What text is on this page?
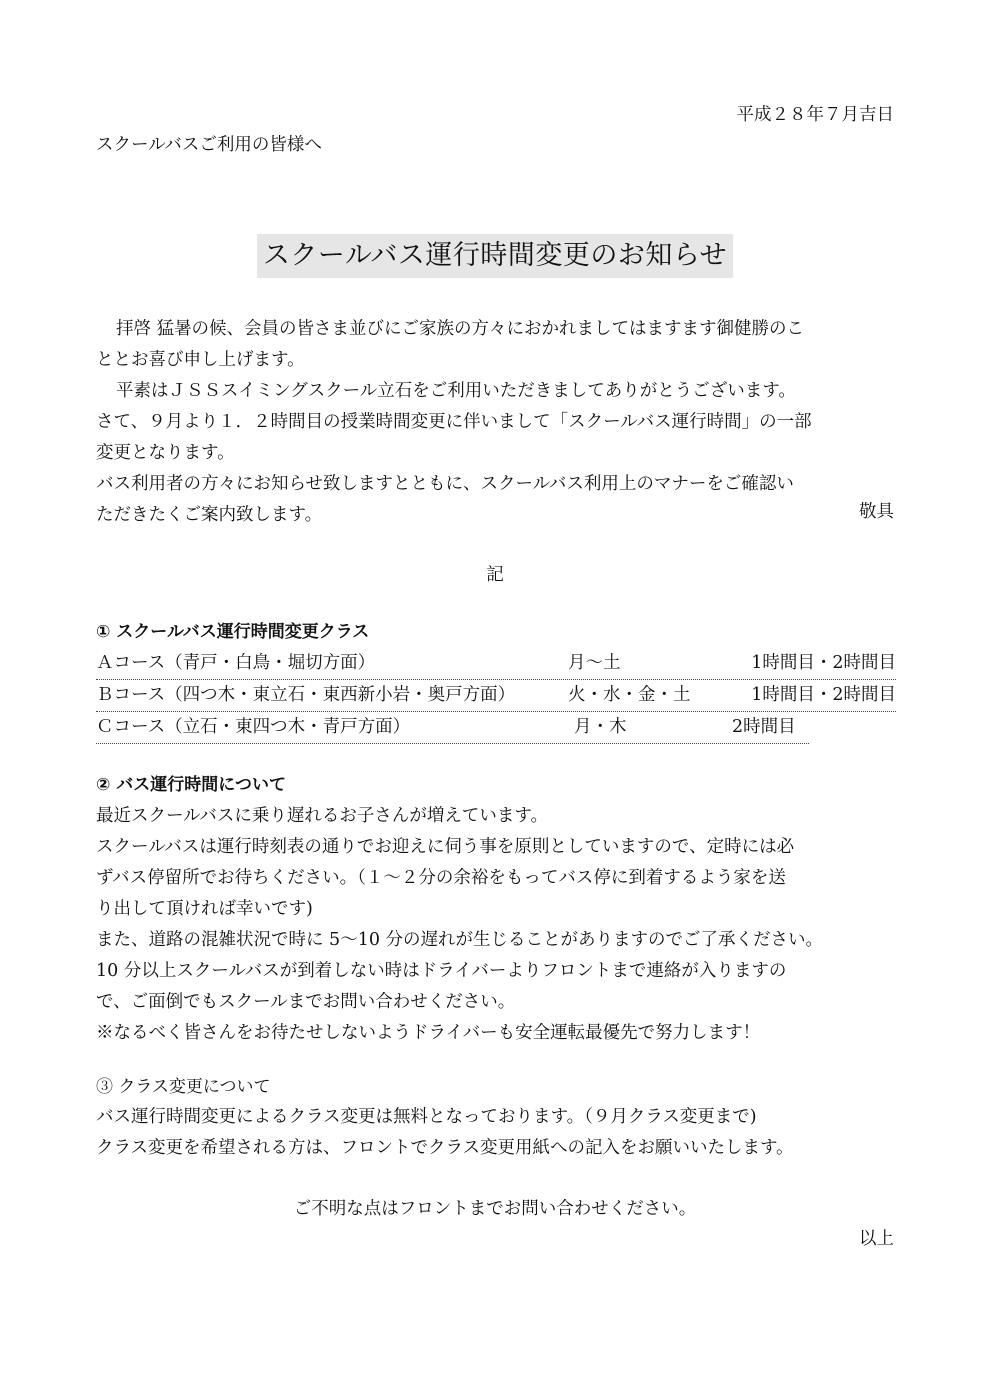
平成２８年７月吉日
スクールバスご利用の皆様へ
スクールバス運行時間変更のお知らせ
拝啓 猛暑の候、会員の皆さま並びにご家族の方々におかれましてはますます御健勝のこ
ととお喜び申し上げます。
平素はＪＳＳスイミングスクール立石をご利用いただきましてありがとうございます。
さて、９月より１．２時間目の授業時間変更に伴いまして「スクールバス運行時間」の一部
変更となります。
バス利用者の方々にお知らせ致しますとともに、スクールバス利用上のマナーをご確認い
ただきたくご案内致します。	敬具
記
① スクールバス運行時間変更クラス
Ａコース（青戸・白鳥・堀切方面）	月～土	1時間目・2時間目
Ｂコース（四つ木・東立石・東西新小岩・奥戸方面）	火・水・金・土	1時間目・2時間目
Ｃコース（立石・東四つ木・青戸方面）	月・木	2時間目
② バス運行時間について
最近スクールバスに乗り遅れるお子さんが増えています。
スクールバスは運行時刻表の通りでお迎えに伺う事を原則としていますので、定時には必
ずバス停留所でお待ちください。（１～２分の余裕をもってバス停に到着するよう家を送
り出して頂ければ幸いです)
また、道路の混雑状況で時に 5～10 分の遅れが生じることがありますのでご了承ください。
10 分以上スクールバスが到着しない時はドライバーよりフロントまで連絡が入りますの
で、ご面倒でもスクールまでお問い合わせください。
※なるべく皆さんをお待たせしないようドライバーも安全運転最優先で努力します！
③ クラス変更について
バス運行時間変更によるクラス変更は無料となっております。（９月クラス変更まで)
クラス変更を希望される方は、フロントでクラス変更用紙への記入をお願いいたします。
ご不明な点はフロントまでお問い合わせください。
以上
